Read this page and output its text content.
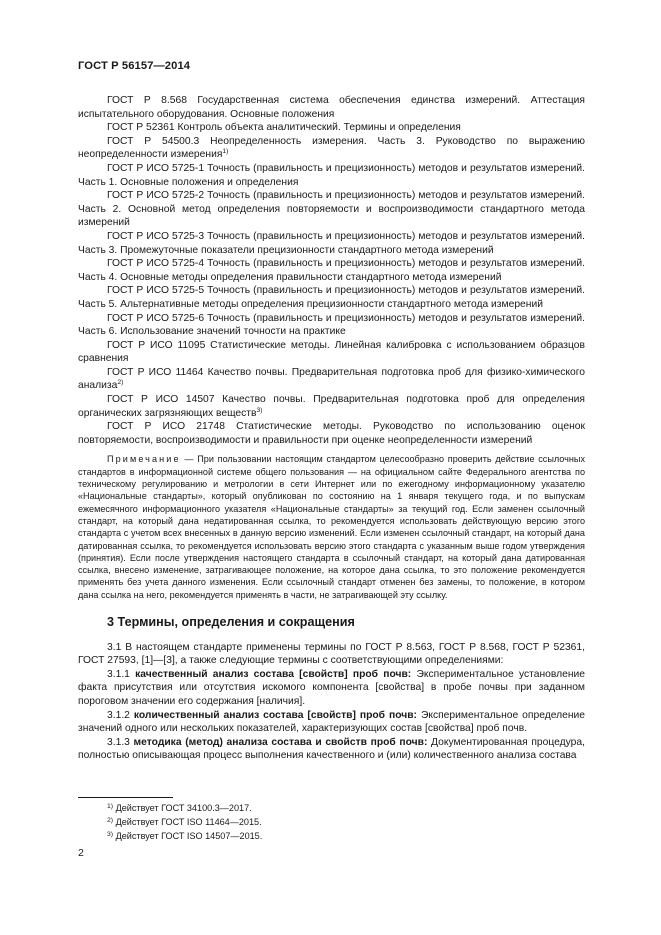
ГОСТ Р 56157—2014

ГОСТ Р 8.568 Государственная система обеспечения единства измерений. Аттестация испытательного оборудования. Основные положения

ГОСТ Р 52361 Контроль объекта аналитический. Термины и определения

ГОСТ Р 54500.3 Неопределенность измерения. Часть 3. Руководство по выражению неопределенности измерения$^{1)}$

ГОСТ Р ИСО 5725-1 Точность (правильность и прецизионность) методов и результатов измерений. Часть 1. Основные положения и определения

ГОСТ Р ИСО 5725-2 Точность (правильность и прецизионность) методов и результатов измерений. Часть 2. Основной метод определения повторяемости и воспроизводимости стандартного метода измерений

ГОСТ Р ИСО 5725-3 Точность (правильность и прецизионность) методов и результатов измерений. Часть 3. Промежуточные показатели прецизионности стандартного метода измерений

ГОСТ Р ИСО 5725-4 Точность (правильность и прецизионность) методов и результатов измерений. Часть 4. Основные методы определения правильности стандартного метода измерений

ГОСТ Р ИСО 5725-5 Точность (правильность и прецизионность) методов и результатов измерений. Часть 5. Альтернативные методы определения прецизионности стандартного метода измерений

ГОСТ Р ИСО 5725-6 Точность (правильность и прецизионность) методов и результатов измерений. Часть 6. Использование значений точности на практике

ГОСТ Р ИСО 11095 Статистические методы. Линейная калибровка с использованием образцов сравнения

ГОСТ Р ИСО 11464 Качество почвы. Предварительная подготовка проб для физико-химического анализа$^{2)}$

ГОСТ Р ИСО 14507 Качество почвы. Предварительная подготовка проб для определения органических загрязняющих веществ$^{3)}$

ГОСТ Р ИСО 21748 Статистические методы. Руководство по использованию оценок повторяемости, воспроизводимости и правильности при оценке неопределенности измерений

Примечание — При пользовании настоящим стандартом целесообразно проверить действие ссылочных стандартов в информационной системе общего пользования — на официальном сайте Федерального агентства по техническому регулированию и метрологии в сети Интернет или по ежегодному информационному указателю «Национальные стандарты», который опубликован по состоянию на 1 января текущего года, и по выпускам ежемесячного информационного указателя «Национальные стандарты» за текущий год. Если заменен ссылочный стандарт, на который дана недатированная ссылка, то рекомендуется использовать действующую версию этого стандарта с учетом всех внесенных в данную версию изменений. Если изменен ссылочный стандарт, на который дана датированная ссылка, то рекомендуется использовать версию этого стандарта с указанным выше годом утверждения (принятия). Если после утверждения настоящего стандарта в ссылочный стандарт, на который дана датированная ссылка, внесено изменение, затрагивающее положение, на которое дана ссылка, то это положение рекомендуется применять без учета данного изменения. Если ссылочный стандарт отменен без замены, то положение, в котором дана ссылка на него, рекомендуется применять в части, не затрагивающей эту ссылку.

3 Термины, определения и сокращения

3.1 В настоящем стандарте применены термины по ГОСТ Р 8.563, ГОСТ Р 8.568, ГОСТ Р 52361, ГОСТ 27593, [1]—[3], а также следующие термины с соответствующими определениями:

3.1.1 качественный анализ состава [свойств] проб почв: Экспериментальное установление факта присутствия или отсутствия искомого компонента [свойства] в пробе почвы при заданном пороговом значении его содержания [наличия].

3.1.2 количественный анализ состава [свойств] проб почв: Экспериментальное определение значений одного или нескольких показателей, характеризующих состав [свойства] проб почв.

3.1.3 методика (метод) анализа состава и свойств проб почв: Документированная процедура, полностью описывающая процесс выполнения качественного и (или) количественного анализа состава

$^{1)}$ Действует ГОСТ 34100.3—2017.
$^{2)}$ Действует ГОСТ ISO 11464—2015.
$^{3)}$ Действует ГОСТ ISO 14507—2015.
2
